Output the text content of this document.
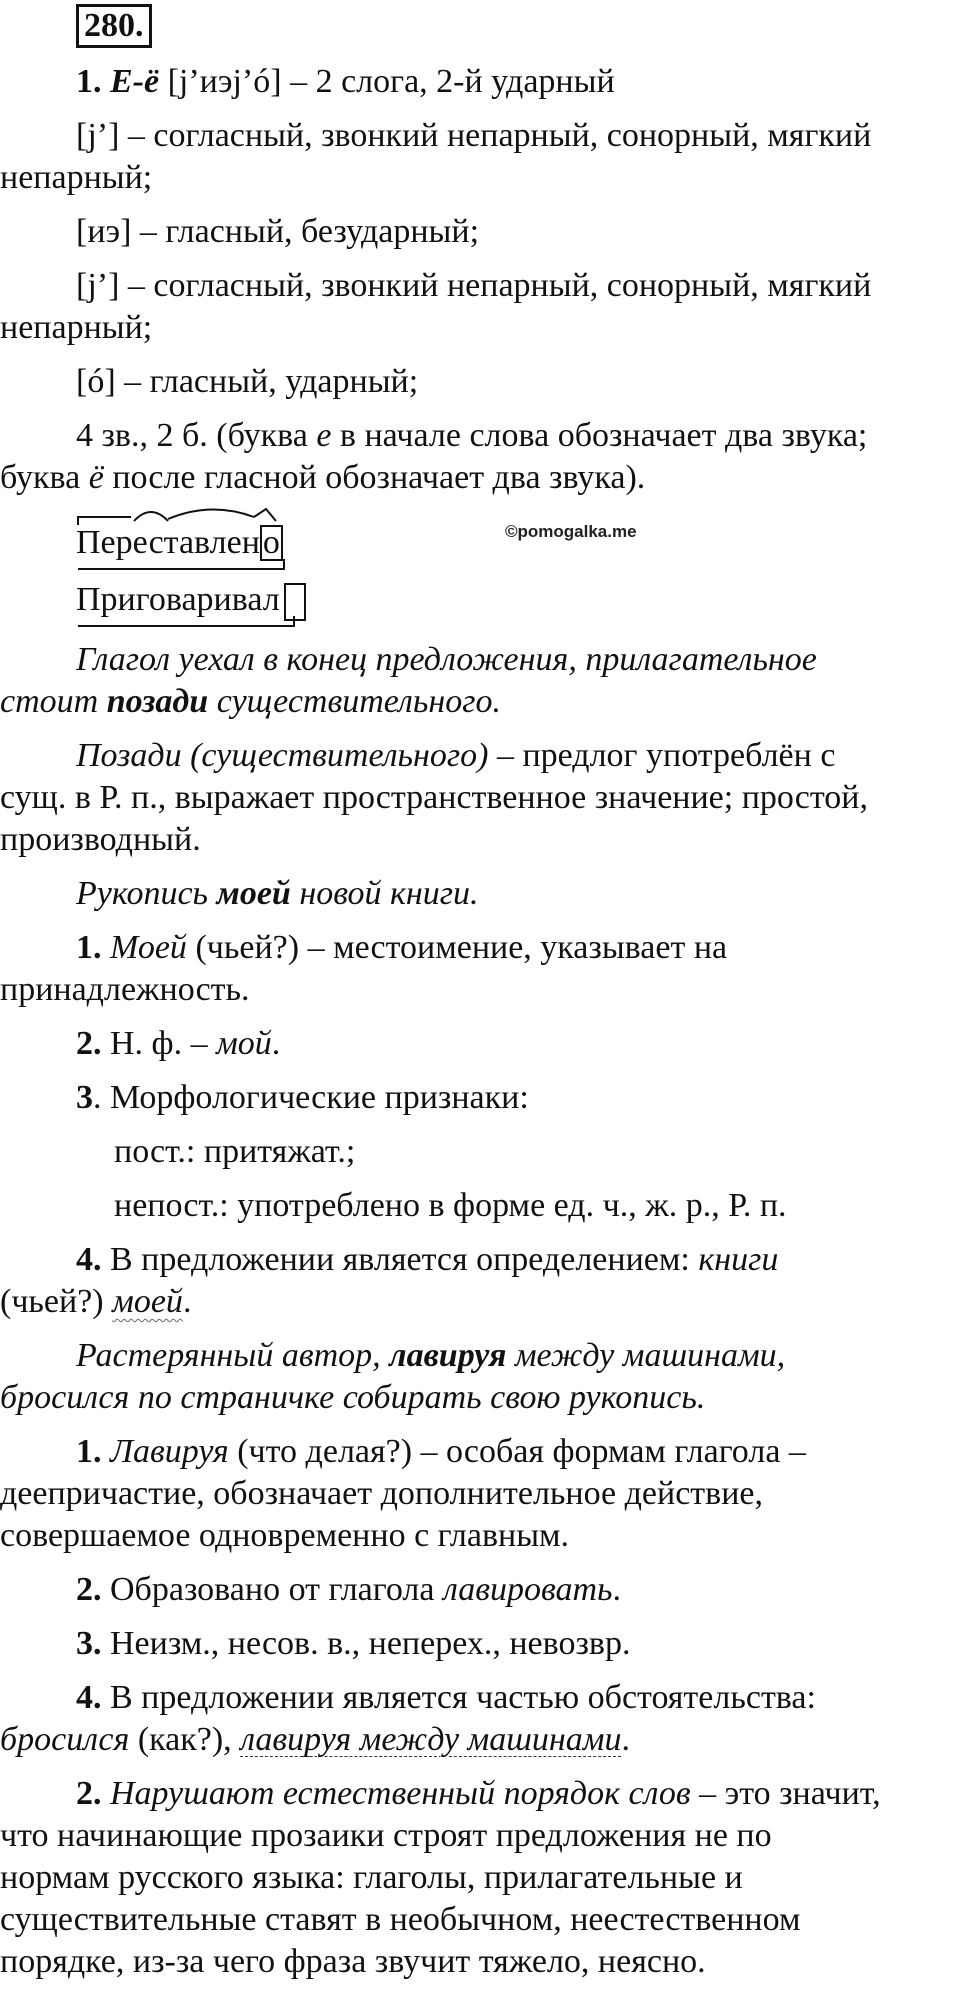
280.
1. Е-ё [j’иэj’ó] – 2 слога, 2-й ударный
[j’] – согласный, звонкий непарный, сонорный, мягкий
непарный;
[иэ] – гласный, безударный;
[j’] – согласный, звонкий непарный, сонорный, мягкий
непарный;
[ó] – гласный, ударный;
4 зв., 2 б. (буква е в начале слова обозначает два звука;
буква ё после гласной обозначает два звука).
©pomogalka.me
Переставлено
Приговаривал
Глагол уехал в конец предложения, прилагательное
стоит позади существительного.
Позади (существительного) – предлог употреблён с
сущ. в Р. п., выражает пространственное значение; простой,
производный.
Рукопись моей новой книги.
1. Моей (чьей?) – местоимение, указывает на
принадлежность.
2. Н. ф. – мой.
3. Морфологические признаки:
пост.: притяжат.;
непост.: употреблено в форме ед. ч., ж. р., Р. п.
4. В предложении является определением: книги
(чьей?) моей.
Растерянный автор, лавируя между машинами,
бросился по страничке собирать свою рукопись.
1. Лавируя (что делая?) – особая формам глагола –
деепричастие, обозначает дополнительное действие,
совершаемое одновременно с главным.
2. Образовано от глагола лавировать.
3. Неизм., несов. в., неперех., невозвр.
4. В предложении является частью обстоятельства:
бросился (как?), лавируя между машинами.
2. Нарушают естественный порядок слов – это значит,
что начинающие прозаики строят предложения не по
нормам русского языка: глаголы, прилагательные и
существительные ставят в необычном, неестественном
порядке, из-за чего фраза звучит тяжело, неясно.
